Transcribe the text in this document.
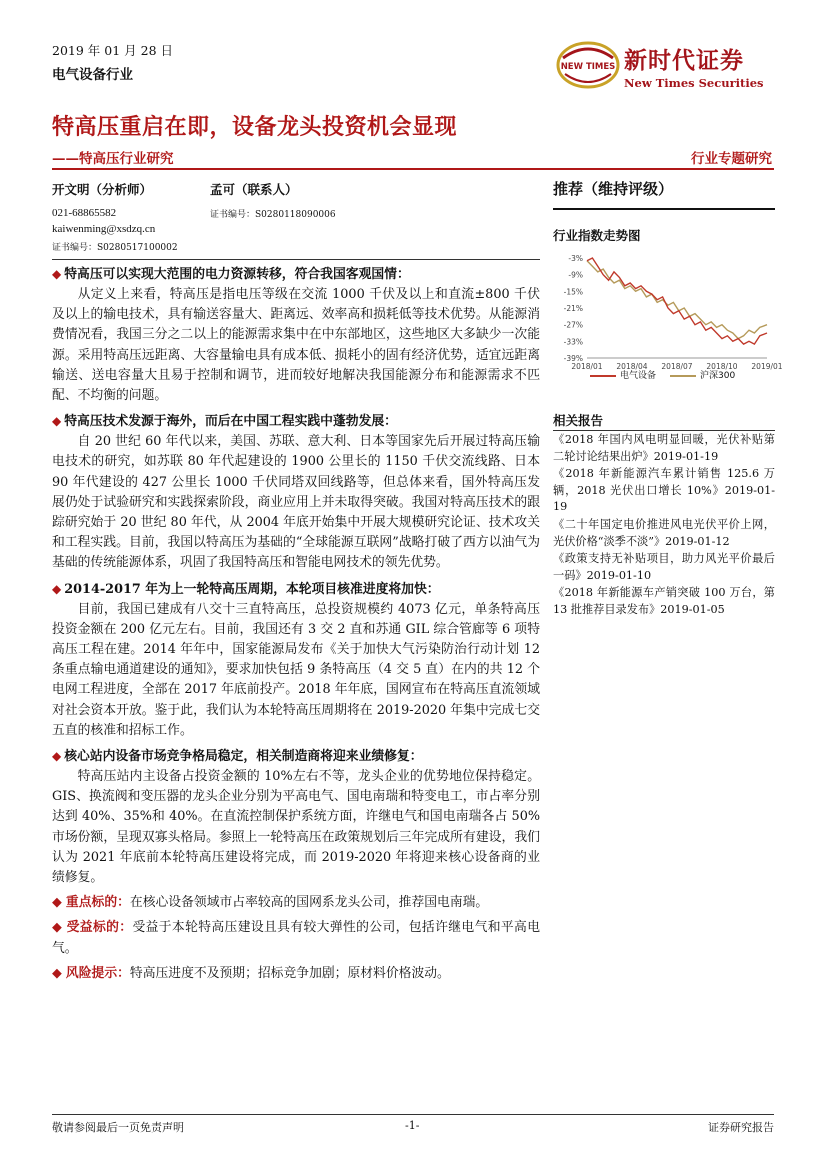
2019 年 01 月 28 日
电气设备行业	NEW TIMES 新时代证券
New Times Securities
特高压重启在即，设备龙头投资机会显现
——特高压行业研究	行业专题研究
开文明（分析师）
021-68865582
kaiwenming@xsdzq.cn
证书编号：S0280517100002
孟可（联系人）
证书编号：S0280118090006
◆ 特高压可以实现大范围的电力资源转移，符合我国客观国情：
从定义上来看，特高压是指电压等级在交流 1000 千伏及以上和直流±800 千伏及以上的输电技术，具有输送容量大、距离远、效率高和损耗低等技术优势。从能源消费情况看，我国三分之二以上的能源需求集中在中东部地区，这些地区大多缺少一次能源。采用特高压远距离、大容量输电具有成本低、损耗小的固有经济优势，适宜远距离输送、送电容量大且易于控制和调节，进而较好地解决我国能源分布和能源需求不匹配、不均衡的问题。
◆ 特高压技术发源于海外，而后在中国工程实践中蓬勃发展：
自 20 世纪 60 年代以来，美国、苏联、意大利、日本等国家先后开展过特高压输电技术的研究，如苏联 80 年代起建设的 1900 公里长的 1150 千伏交流线路、日本 90 年代建设的 427 公里长 1000 千伏同塔双回线路等，但总体来看，国外特高压发展仍处于试验研究和实践探索阶段，商业应用上并未取得突破。我国对特高压技术的跟踪研究始于 20 世纪 80 年代，从 2004 年底开始集中开展大规模研究论证、技术攻关和工程实践。目前，我国以特高压为基础的“全球能源互联网”战略打破了西方以油气为基础的传统能源体系，巩固了我国特高压和智能电网技术的领先优势。
◆ 2014-2017 年为上一轮特高压周期，本轮项目核准进度将加快：
目前，我国已建成有八交十三直特高压，总投资规模约 4073 亿元，单条特高压投资金额在 200 亿元左右。目前，我国还有 3 交 2 直和苏通 GIL 综合管廊等 6 项特高压工程在建。2014 年年中，国家能源局发布《关于加快大气污染防治行动计划 12 条重点输电通道建设的通知》，要求加快包括 9 条特高压（4 交 5 直）在内的共 12 个电网工程进度，全部在 2017 年底前投产。2018 年年底，国网宣布在特高压直流领域对社会资本开放。鉴于此，我们认为本轮特高压周期将在 2019-2020 年集中完成七交五直的核准和招标工作。
◆ 核心站内设备市场竞争格局稳定，相关制造商将迎来业绩修复：
特高压站内主设备占投资金额的 10%左右不等，龙头企业的优势地位保持稳定。GIS、换流阀和变压器的龙头企业分别为平高电气、国电南瑞和特变电工，市占率分别达到 40%、35%和 40%。在直流控制保护系统方面，许继电气和国电南瑞各占 50%市场份额，呈现双寡头格局。参照上一轮特高压在政策规划后三年完成所有建设，我们认为 2021 年底前本轮特高压建设将完成，而 2019-2020 年将迎来核心设备商的业绩修复。
◆ 重点标的：在核心设备领域市占率较高的国网系龙头公司，推荐国电南瑞。
◆ 受益标的：受益于本轮特高压建设且具有较大弹性的公司，包括许继电气和平高电气。
◆ 风险提示：特高压进度不及预期；招标竞争加剧；原材料价格波动。
推荐（维持评级）
行业指数走势图
-3%
-9%
-15%
-21%
-27%
-33%
-39%
2018/01 2018/04 2018/07 2018/10 2019/01
电气设备	沪深300
相关报告
《2018 年国内风电明显回暖，光伏补贴第二轮讨论结果出炉》2019-01-19
《2018 年新能源汽车累计销售 125.6 万辆，2018 光伏出口增长 10%》2019-01-19
《二十年国定电价推进风电光伏平价上网，光伏价格“淡季不淡”》2019-01-12
《政策支持无补贴项目，助力风光平价最后一码》2019-01-10
《2018 年新能源车产销突破 100 万台，第 13 批推荐目录发布》2019-01-05
敬请参阅最后一页免责声明	-1-	证券研究报告
